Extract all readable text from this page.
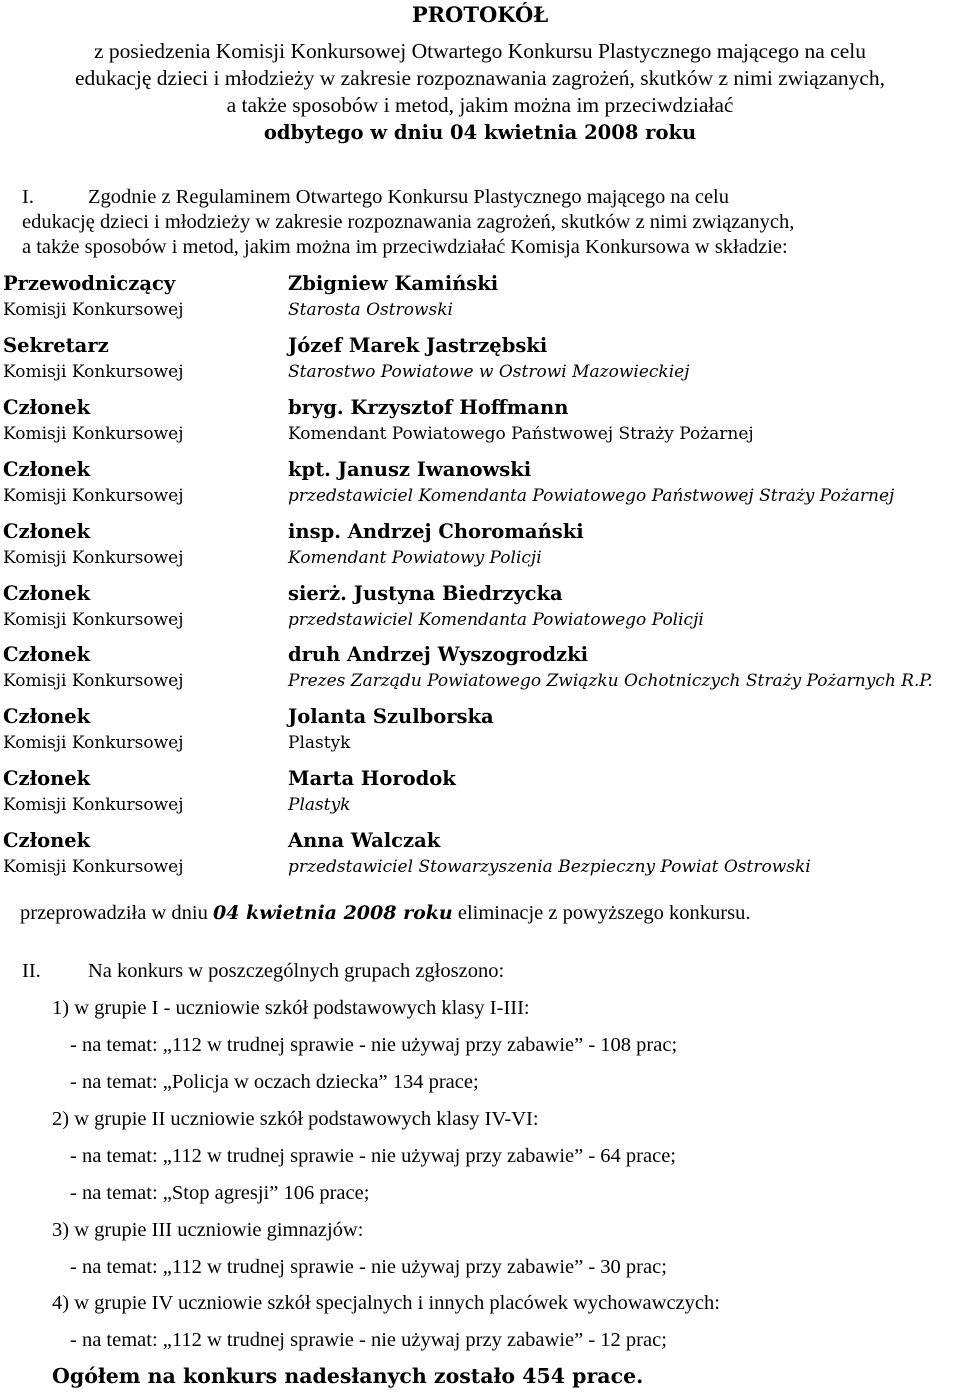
PROTOKÓŁ
z posiedzenia Komisji Konkursowej Otwartego Konkursu Plastycznego mającego na celu
edukację dzieci i młodzieży w zakresie rozpoznawania zagrożeń, skutków z nimi związanych,
a także sposobów i metod, jakim można im przeciwdziałać
odbytego w dniu 04 kwietnia 2008 roku
I.	Zgodnie z Regulaminem Otwartego Konkursu Plastycznego mającego na celu
edukację dzieci i młodzieży w zakresie rozpoznawania zagrożeń, skutków z nimi związanych,
a także sposobów i metod, jakim można im przeciwdziałać Komisja Konkursowa w składzie:
Przewodniczący
Komisji Konkursowej
Zbigniew Kamiński
Starosta Ostrowski
Sekretarz
Komisji Konkursowej
Józef Marek Jastrzębski
Starostwo Powiatowe w Ostrowi Mazowieckiej
Członek
Komisji Konkursowej
bryg. Krzysztof Hoffmann
Komendant Powiatowego Państwowej Straży Pożarnej
Członek
Komisji Konkursowej
kpt. Janusz Iwanowski
przedstawiciel Komendanta Powiatowego Państwowej Straży Pożarnej
Członek
Komisji Konkursowej
insp. Andrzej Choromański
Komendant Powiatowy Policji
Członek
Komisji Konkursowej
sierż. Justyna Biedrzycka
przedstawiciel Komendanta Powiatowego Policji
Członek
Komisji Konkursowej
druh Andrzej Wyszogrodzki
Prezes Zarządu Powiatowego Związku Ochotniczych Straży Pożarnych R.P.
Członek
Komisji Konkursowej
Jolanta Szulborska
Plastyk
Członek
Komisji Konkursowej
Marta Horodok
Plastyk
Członek
Komisji Konkursowej
Anna Walczak
przedstawiciel Stowarzyszenia Bezpieczny Powiat Ostrowski
przeprowadziła w dniu 04 kwietnia 2008 roku eliminacje z powyższego konkursu.
II. Na konkurs w poszczególnych grupach zgłoszono:
1) w grupie I - uczniowie szkół podstawowych klasy I-III:
- na temat: „112 w trudnej sprawie - nie używaj przy zabawie” - 108 prac;
- na temat: „Policja w oczach dziecka” 134 prace;
2) w grupie II uczniowie szkół podstawowych klasy IV-VI:
- na temat: „112 w trudnej sprawie - nie używaj przy zabawie” - 64 prace;
- na temat: „Stop agresji” 106 prace;
3) w grupie III uczniowie gimnazjów:
- na temat: „112 w trudnej sprawie - nie używaj przy zabawie” - 30 prac;
4) w grupie IV uczniowie szkół specjalnych i innych placówek wychowawczych:
- na temat: „112 w trudnej sprawie - nie używaj przy zabawie” - 12 prac;
Ogółem na konkurs nadesłanych zostało 454 prace.
